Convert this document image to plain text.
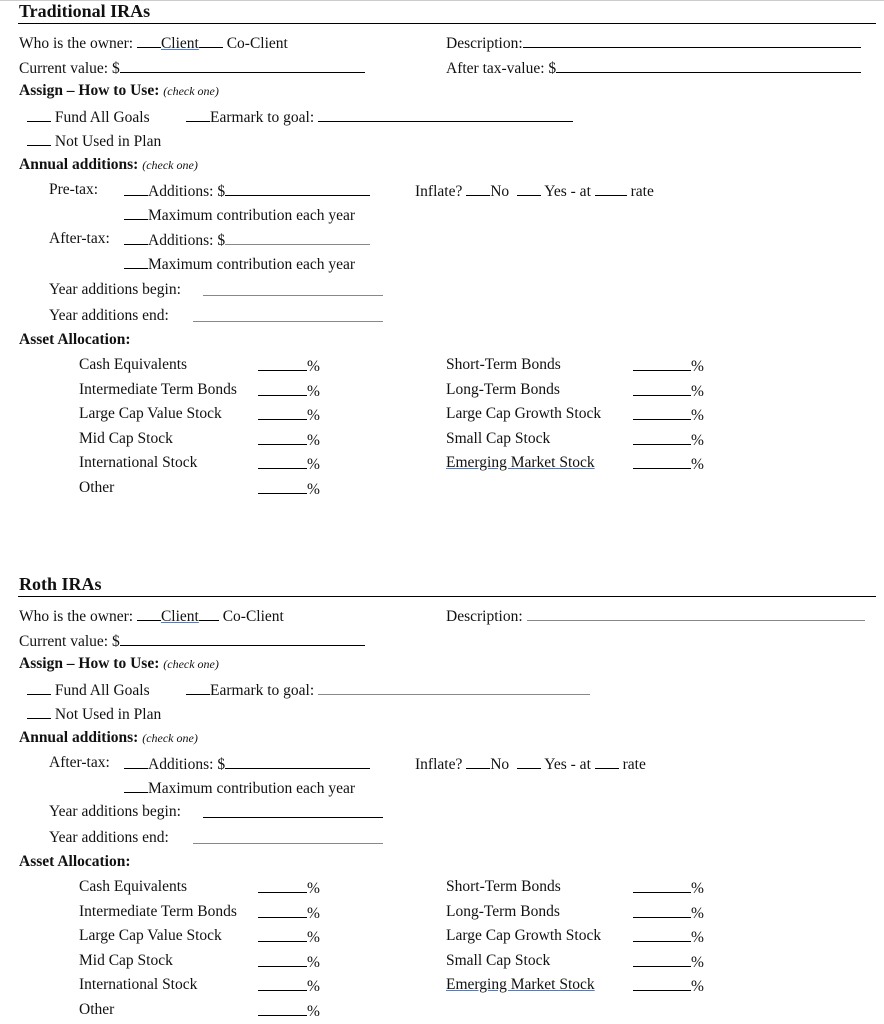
Traditional IRAs
Who is the owner: Client Co-Client	Description:
Current value: $	After tax-value: $
Assign – How to Use: (check one)
Fund All Goals	Earmark to goal:
Not Used in Plan
Annual additions: (check one)
Pre-tax:	Additions: $	Inflate? No Yes - at	rate
Maximum contribution each year
After-tax:	Additions: $
Maximum contribution each year
Year additions begin:
Year additions end:
Asset Allocation:
Cash Equivalents	%
Intermediate Term Bonds	%
Large Cap Value Stock	%
Mid Cap Stock	%
International Stock	%
Other	%
Short-Term Bonds	%
Long-Term Bonds	%
Large Cap Growth Stock	%
Small Cap Stock	%
Emerging Market Stock	%
Roth IRAs
Who is the owner: Client Co-Client	Description:
Current value: $
Assign – How to Use: (check one)
Fund All Goals	Earmark to goal:
Not Used in Plan
Annual additions: (check one)
After-tax:	Additions: $	Inflate? No Yes - at rate
Maximum contribution each year
Year additions begin:
Year additions end:
Asset Allocation:
Cash Equivalents	%
Intermediate Term Bonds	%
Large Cap Value Stock	%
Mid Cap Stock	%
International Stock	%
Other	%
Short-Term Bonds	%
Long-Term Bonds	%
Large Cap Growth Stock	%
Small Cap Stock	%
Emerging Market Stock	%
